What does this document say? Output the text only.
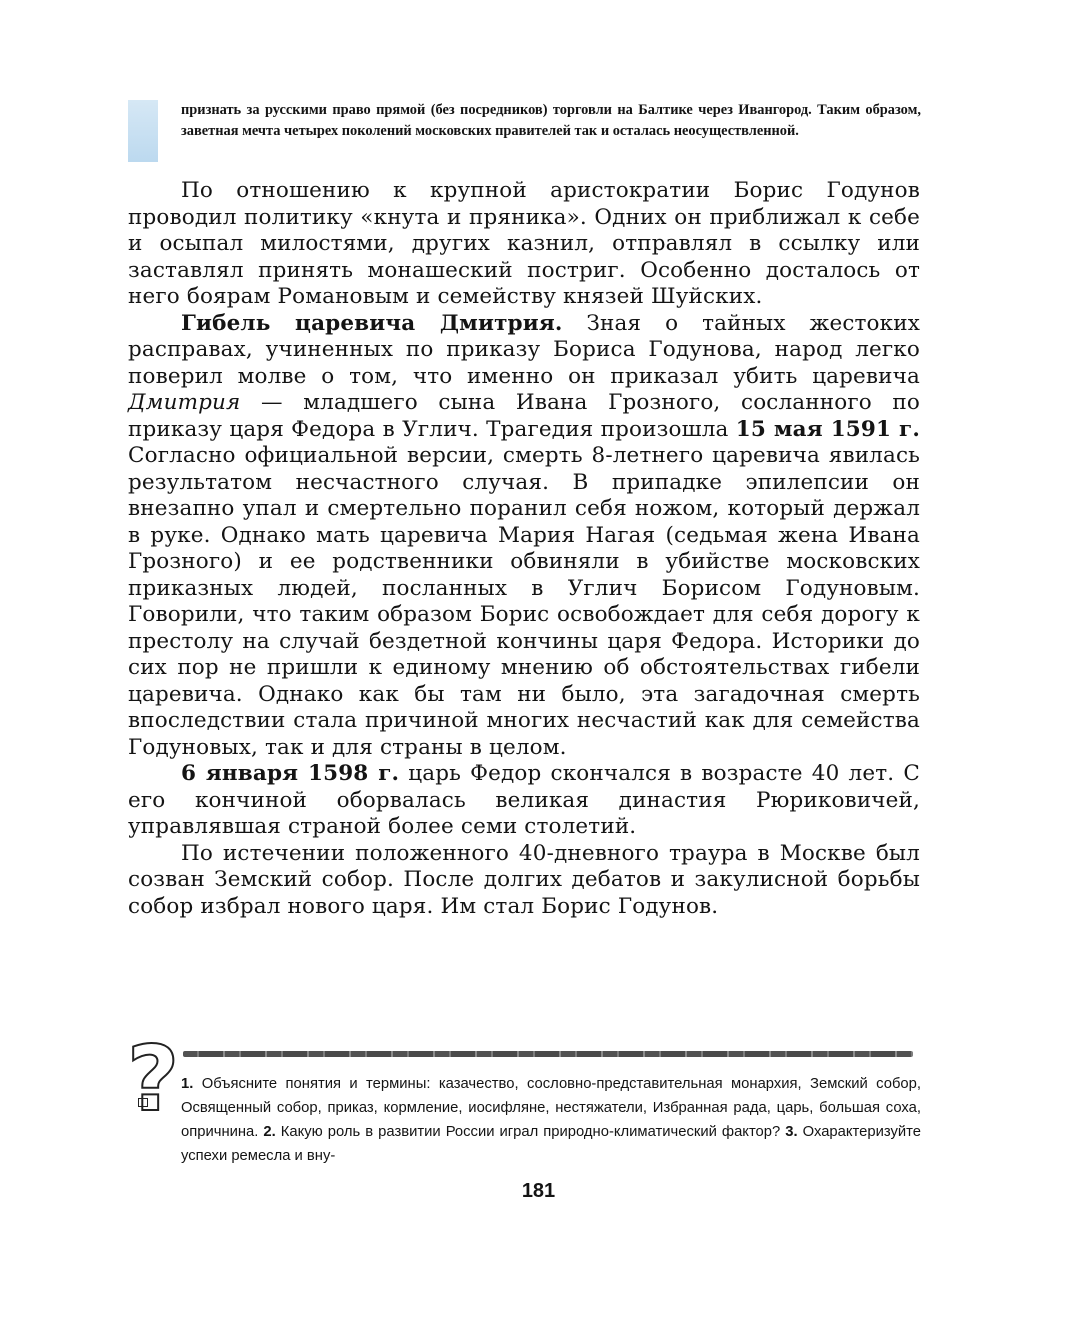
признать за русскими право прямой (без посредников) торговли на Балтике через Ивангород. Таким образом, заветная мечта четырех поколений московских правителей так и осталась неосуществленной.

По отношению к крупной аристократии Борис Годунов проводил политику «кнута и пряника». Одних он приближал к себе и осыпал милостями, других казнил, отправлял в ссылку или заставлял принять монашеский постриг. Особенно досталось от него боярам Романовым и семейству князей Шуйских.

Гибель царевича Дмитрия. Зная о тайных жестоких расправах, учиненных по приказу Бориса Годунова, народ легко поверил молве о том, что именно он приказал убить царевича Дмитрия — младшего сына Ивана Грозного, сосланного по приказу царя Федора в Углич. Трагедия произошла 15 мая 1591 г. Согласно официальной версии, смерть 8-летнего царевича явилась результатом несчастного случая. В припадке эпилепсии он внезапно упал и смертельно поранил себя ножом, который держал в руке. Однако мать царевича Мария Нагая (седьмая жена Ивана Грозного) и ее родственники обвиняли в убийстве московских приказных людей, посланных в Углич Борисом Годуновым. Говорили, что таким образом Борис освобождает для себя дорогу к престолу на случай бездетной кончины царя Федора. Историки до сих пор не пришли к единому мнению об обстоятельствах гибели царевича. Однако как бы там ни было, эта загадочная смерть впоследствии стала причиной многих несчастий как для семейства Годуновых, так и для страны в целом.

6 января 1598 г. царь Федор скончался в возрасте 40 лет. С его кончиной оборвалась великая династия Рюриковичей, управлявшая страной более семи столетий.

По истечении положенного 40-дневного траура в Москве был созван Земский собор. После долгих дебатов и закулисной борьбы собор избрал нового царя. Им стал Борис Годунов.

? 1. Объясните понятия и термины: казачество, сословно-представительная монархия, Земский собор, Освященный собор, приказ, кормление, иосифляне, нестяжатели, Избранная рада, царь, большая соха, опричнина. 2. Какую роль в развитии России играл природно-климатический фактор? 3. Охарактеризуйте успехи ремесла и вну-

181
